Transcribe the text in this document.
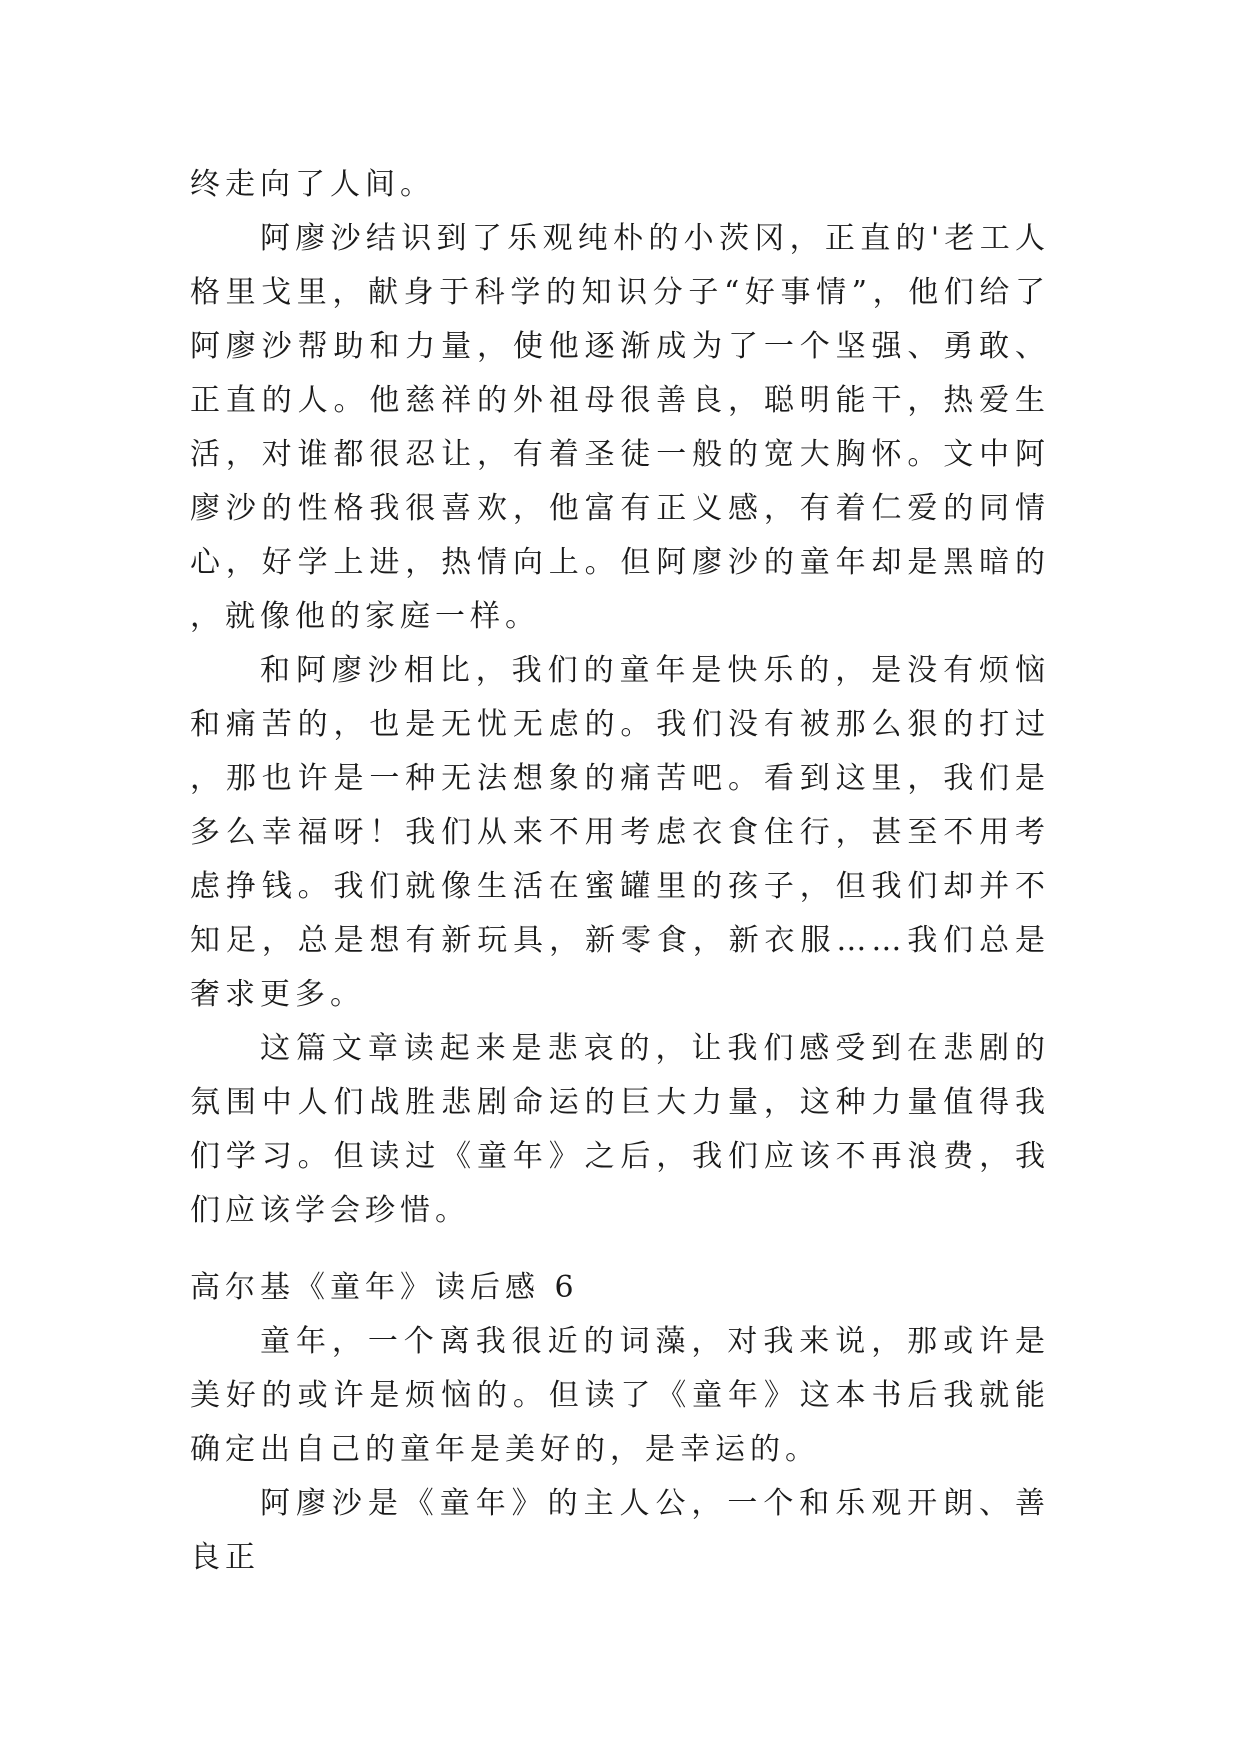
终走向了人间。

阿廖沙结识到了乐观纯朴的小茨冈，正直的'老工人格里戈里，献身于科学的知识分子“好事情”，他们给了阿廖沙帮助和力量，使他逐渐成为了一个坚强、勇敢、正直的人。他慈祥的外祖母很善良，聪明能干，热爱生活，对谁都很忍让，有着圣徒一般的宽大胸怀。文中阿廖沙的性格我很喜欢，他富有正义感，有着仁爱的同情心，好学上进，热情向上。但阿廖沙的童年却是黑暗的，就像他的家庭一样。

和阿廖沙相比，我们的童年是快乐的，是没有烦恼和痛苦的，也是无忧无虑的。我们没有被那么狠的打过，那也许是一种无法想象的痛苦吧。看到这里，我们是多么幸福呀！我们从来不用考虑衣食住行，甚至不用考虑挣钱。我们就像生活在蜜罐里的孩子，但我们却并不知足，总是想有新玩具，新零食，新衣服……我们总是奢求更多。

这篇文章读起来是悲哀的，让我们感受到在悲剧的氛围中人们战胜悲剧命运的巨大力量，这种力量值得我们学习。但读过《童年》之后，我们应该不再浪费，我们应该学会珍惜。

高尔基《童年》读后感 6

童年，一个离我很近的词藻，对我来说，那或许是美好的或许是烦恼的。但读了《童年》这本书后我就能确定出自己的童年是美好的，是幸运的。

阿廖沙是《童年》的主人公，一个和乐观开朗、善良正
